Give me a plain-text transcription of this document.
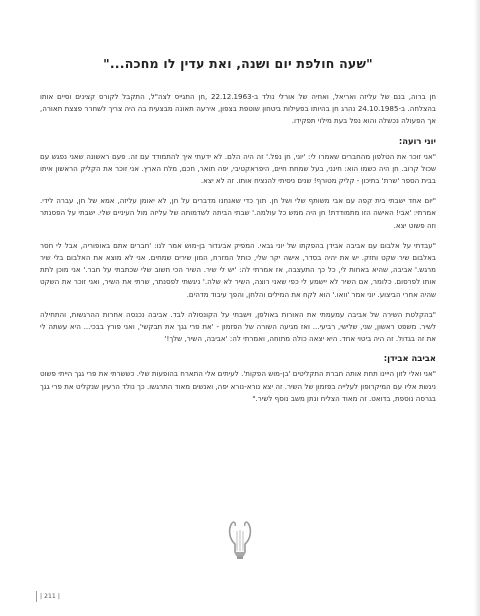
"שעה חולפת יום ושנה, ואת עדין לו מחכה..."

חן ברוה, בנם של עליזה ואריאל, ואחיה של אורלי נולד ב-22.12.1963 ,חן התגייס לצה"ל, התקבל לקורס קצינים וסיים אותו בהצלחה. ב-24.10.1985 נהרג חן בהיותו בפעילות ביטחון שוטפת בצפון, אירעה תאונה מבצעית בה היה צריך לשחרר פצצת תאורה, אך הפעולה נכשלה והוא נפל בעת מילוי תפקידו.

יוני רועה:

"אני זוכר את הטלפון מהחברים שאמרו לי: 'יוני, חן נפל.' זה היה הלם. לא ידעתי איך להתמודד עם זה. פעם ראשונה שאני נפגש עם שכול קרוב. חן היה כשמו הוא: חינני, בעל שמחת חיים, היפראקטיבי, יפה תואר, חכם, מלח הארץ. אני זוכר את הקליק הראשון איתו בבית הספר 'שרת' בתיכון - קליק מטורף! שנים ניסיתי להנציח אותו. זה לא יצא.

"יום אחד ישבתי בית קפה עם אבי משותף שלי ושל חן. תוך כדי שאנחנו מדברים על חן, לא יאומן עליזה, אמא של חן, עברה לידי. אמרתי: 'אבי! האישה הזו מתמודדת! חן היה ממש כל עולמה.' שבתי הביתה לשדמותה של עליזה מול העיניים שלי. ישבתי על הפסנתר וזה פשוט יצא.

"עבדתי על אלבום עם אביבה אבידן בהפקתו של יוני גבאי. המפיק אביגדור בן-מוש אמר לנו: 'חברים אתם באופוריה, אבל לי חסר באלבום שיר שקט וחזק. יש את יהיה בסדר, אישה יקר שלי, כותל המזרח, המון שירים שמחים. אני לא מוצא את האלבום בלי שיר מרגש.' אביבה, שהיא באחות לי, כל כך התעצבה, אז אמרתי לה: 'יש לי שיר. השיר הכי חשוב שלי שכתבתי על חבר.' אני מוכן לתת אותו לפרסום. כלומר, אם השיר לא יישמע לי כפי שאני רוצה, השיר לא שלה.' ניגשתי לפסנתר, שרתי את השיר, ואני זוכר את השקט שהיה אחרי הביצוע. יוני אמר 'וואו.' הוא לקח את המילים והלחן, והפך עיבוד מדהים.

"בהקלטת השירה של אביבה עמעמתי את האורות באולפן, וישבתי על הקונסולה לבד. אביבה נכנסה אחרות ההרגשות, והתחילה לשיר. משפט ראשון, שני, שלישי, רביעי... ואז מגיעה השורה של הפזמון - 'את פרי גגך את תבקשי', ואני פורץ בבכי... היא עשתה לי את זה בגדול. זה היה ביטוי אחד. היא יצאה כולה מתוחה, ואמרתי לה: 'אביבה, השיר, שלך!'

אביבה אבידן:

"אני ואלי לזון הייינו תחת אותה חברת התקליטים 'בן-מוש הפקות'. לעיתים אלי התארח בהופעות שלי. כששרתי את פרי גגך הייתי פשוט ניגשת אליו עם המיקרופון לעלייה בפזמון של השיר. זה יצא נורא-נורא יפה, ואנשים מאוד התרגשו. כך נולד הרעיון שנקליט את פרי גגך בגרסה נוספת, בדואט. זה מאוד הצליח ונתן משב נוסף לשיר."

| 211 |
